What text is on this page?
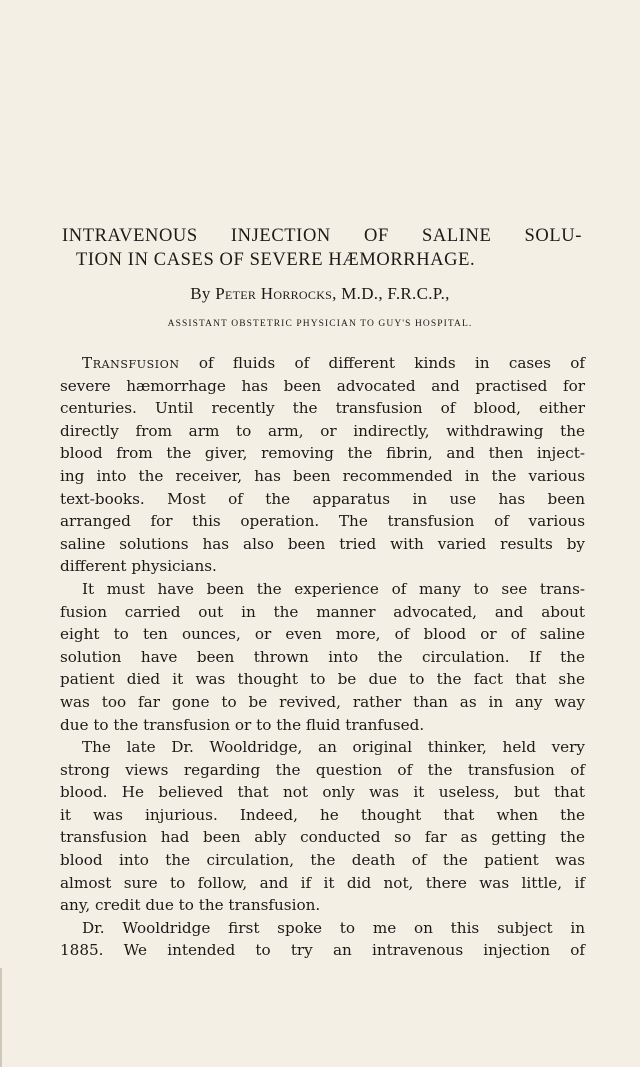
INTRAVENOUS INJECTION OF SALINE SOLU-
TION IN CASES OF SEVERE HÆMORRHAGE.
By Peter Horrocks, M.D., F.R.C.P.,
ASSISTANT OBSTETRIC PHYSICIAN TO GUY'S HOSPITAL.

Transfusion of fluids of different kinds in cases of
severe hæmorrhage has been advocated and practised for
centuries. Until recently the transfusion of blood, either
directly from arm to arm, or indirectly, withdrawing the
blood from the giver, removing the fibrin, and then inject-
ing into the receiver, has been recommended in the various
text-books. Most of the apparatus in use has been
arranged for this operation. The transfusion of various
saline solutions has also been tried with varied results by
different physicians.

It must have been the experience of many to see trans-
fusion carried out in the manner advocated, and about
eight to ten ounces, or even more, of blood or of saline
solution have been thrown into the circulation. If the
patient died it was thought to be due to the fact that she
was too far gone to be revived, rather than as in any way
due to the transfusion or to the fluid tranfused.

The late Dr. Wooldridge, an original thinker, held very
strong views regarding the question of the transfusion of
blood. He believed that not only was it useless, but that
it was injurious. Indeed, he thought that when the
transfusion had been ably conducted so far as getting the
blood into the circulation, the death of the patient was
almost sure to follow, and if it did not, there was little, if
any, credit due to the transfusion.

Dr. Wooldridge first spoke to me on this subject in
1885. We intended to try an intravenous injection of
